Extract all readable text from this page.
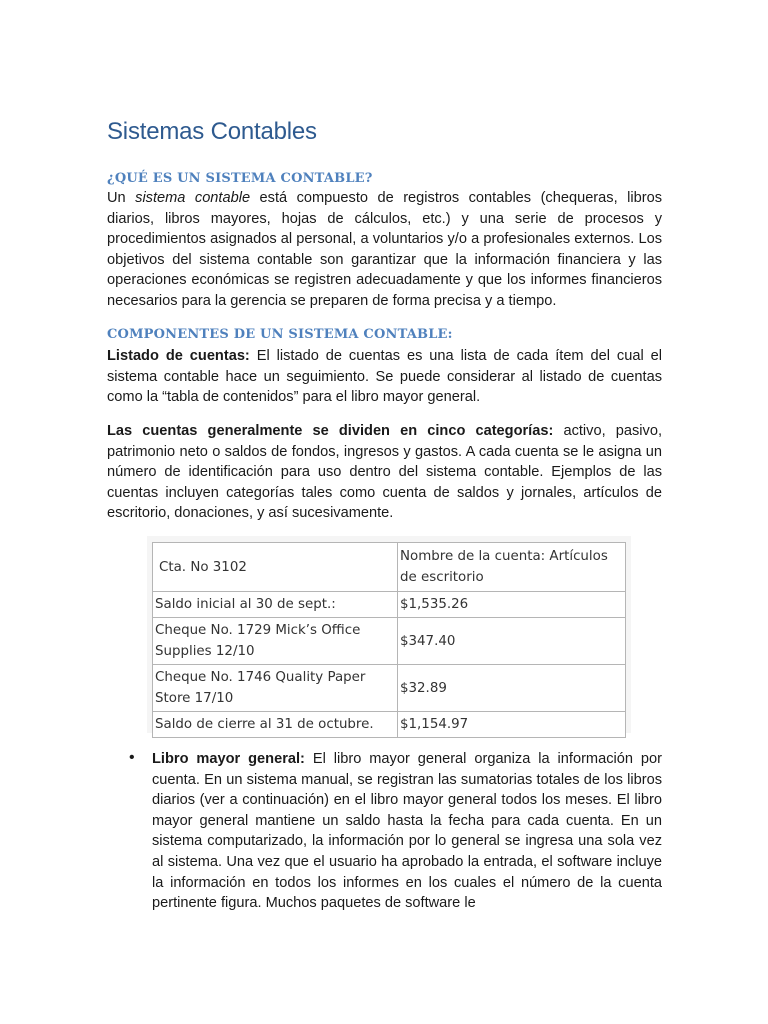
Sistemas Contables
¿QUÉ ES UN SISTEMA CONTABLE?

Un sistema contable está compuesto de registros contables (chequeras, libros diarios, libros mayores, hojas de cálculos, etc.) y una serie de procesos y procedimientos asignados al personal, a voluntarios y/o a profesionales externos. Los objetivos del sistema contable son garantizar que la información financiera y las operaciones económicas se registren adecuadamente y que los informes financieros necesarios para la gerencia se preparen de forma precisa y a tiempo.

COMPONENTES DE UN SISTEMA CONTABLE:

Listado de cuentas: El listado de cuentas es una lista de cada ítem del cual el sistema contable hace un seguimiento. Se puede considerar al listado de cuentas como la “tabla de contenidos” para el libro mayor general.

Las cuentas generalmente se dividen en cinco categorías: activo, pasivo, patrimonio neto o saldos de fondos, ingresos y gastos. A cada cuenta se le asigna un número de identificación para uso dentro del sistema contable. Ejemplos de las cuentas incluyen categorías tales como cuenta de saldos y jornales, artículos de escritorio, donaciones, y así sucesivamente.

Cta. No 3102	Nombre de la cuenta: Artículos de escritorio
Saldo inicial al 30 de sept.:	$1,535.26
Cheque No. 1729 Mick’s Office Supplies 12/10	$347.40
Cheque No. 1746 Quality Paper Store 17/10	$32.89
Saldo de cierre al 31 de octubre.	$1,154.97
• Libro mayor general: El libro mayor general organiza la información por cuenta. En un sistema manual, se registran las sumatorias totales de los libros diarios (ver a continuación) en el libro mayor general todos los meses. El libro mayor general mantiene un saldo hasta la fecha para cada cuenta. En un sistema computarizado, la información por lo general se ingresa una sola vez al sistema. Una vez que el usuario ha aprobado la entrada, el software incluye la información en todos los informes en los cuales el número de la cuenta pertinente figura. Muchos paquetes de software le
